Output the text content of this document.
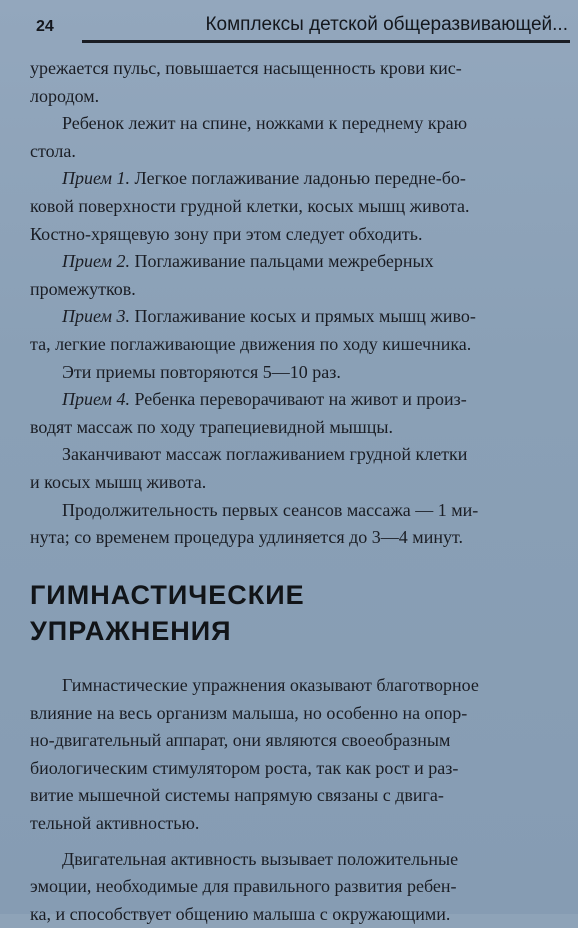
24	Комплексы детской общеразвивающей...

урежается пульс, повышается насыщенность крови кис-
лородом.

Ребенок лежит на спине, ножками к переднему краю
стола.

Прием 1. Легкое поглаживание ладонью передне-бо-
ковой поверхности грудной клетки, косых мышц живота.
Костно-хрящевую зону при этом следует обходить.

Прием 2. Поглаживание пальцами межреберных
промежутков.

Прием 3. Поглаживание косых и прямых мышц живо-
та, легкие поглаживающие движения по ходу кишечника.

Эти приемы повторяются 5—10 раз.

Прием 4. Ребенка переворачивают на живот и произ-
водят массаж по ходу трапециевидной мышцы.

Заканчивают массаж поглаживанием грудной клетки
и косых мышц живота.

Продолжительность первых сеансов массажа — 1 ми-
нута; со временем процедура удлиняется до 3—4 минут.

ГИМНАСТИЧЕСКИЕ
УПРАЖНЕНИЯ

Гимнастические упражнения оказывают благотворное
влияние на весь организм малыша, но особенно на опор-
но-двигательный аппарат, они являются своеобразным
биологическим стимулятором роста, так как рост и раз-
витие мышечной системы напрямую связаны с двига-
тельной активностью.

Двигательная активность вызывает положительные
эмоции, необходимые для правильного развития ребен-
ка, и способствует общению малыша с окружающими.
